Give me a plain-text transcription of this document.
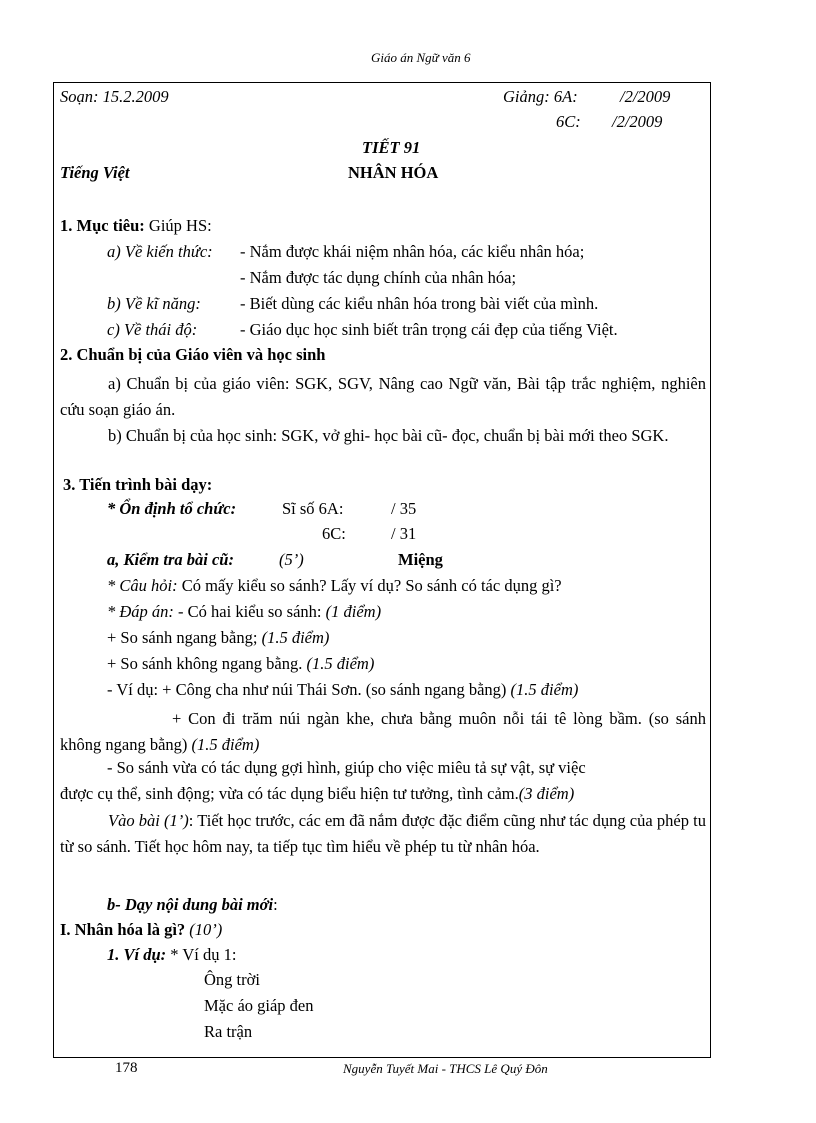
Giáo án Ngữ văn 6
Soạn: 15.2.2009	Giảng: 6A:	/2/2009
6C: /2/2009
TIẾT 91
Tiếng Việt	NHÂN HÓA
1. Mục tiêu: Giúp HS:
a) Về kiến thức: - Nắm được khái niệm nhân hóa, các kiểu nhân hóa;
- Nắm được tác dụng chính của nhân hóa;
b) Về kĩ năng: - Biết dùng các kiểu nhân hóa trong bài viết của mình.
c) Về thái độ:	- Giáo dục học sinh biết trân trọng cái đẹp của tiếng Việt.
2. Chuẩn bị của Giáo viên và học sinh
a) Chuẩn bị của giáo viên: SGK, SGV, Nâng cao Ngữ văn, Bài tập trắc nghiệm, nghiên cứu soạn giáo án.
b) Chuẩn bị của học sinh: SGK, vở ghi- học bài cũ- đọc, chuẩn bị bài mới theo SGK.
3. Tiến trình bài dạy:
* Ổn định tổ chức:	Sĩ số 6A:	/ 35
6C:	/ 31
a, Kiểm tra bài cũ:	(5’)	Miệng
* Câu hỏi: Có mấy kiểu so sánh? Lấy ví dụ? So sánh có tác dụng gì?
* Đáp án: - Có hai kiểu so sánh: (1 điểm)
+ So sánh ngang bằng; (1.5 điểm)
+ So sánh không ngang bằng. (1.5 điểm)
- Ví dụ: + Công cha như núi Thái Sơn. (so sánh ngang bằng) (1.5 điểm)
+ Con đi trăm núi ngàn khe, chưa bằng muôn nỗi tái tê lòng bầm. (so sánh không ngang bằng) (1.5 điểm)
- So sánh vừa có tác dụng gợi hình, giúp cho việc miêu tả sự vật, sự việc
được cụ thể, sinh động; vừa có tác dụng biểu hiện tư tưởng, tình cảm.(3 điểm)
Vào bài (1’): Tiết học trước, các em đã nắm được đặc điểm cũng như tác dụng của phép tu từ so sánh. Tiết học hôm nay, ta tiếp tục tìm hiểu về phép tu từ nhân hóa.
b- Dạy nội dung bài mới:
I. Nhân hóa là gì? (10’)
1. Ví dụ: * Ví dụ 1:
Ông trời
Mặc áo giáp đen
Ra trận
178	Nguyễn Tuyết Mai - THCS Lê Quý Đôn
